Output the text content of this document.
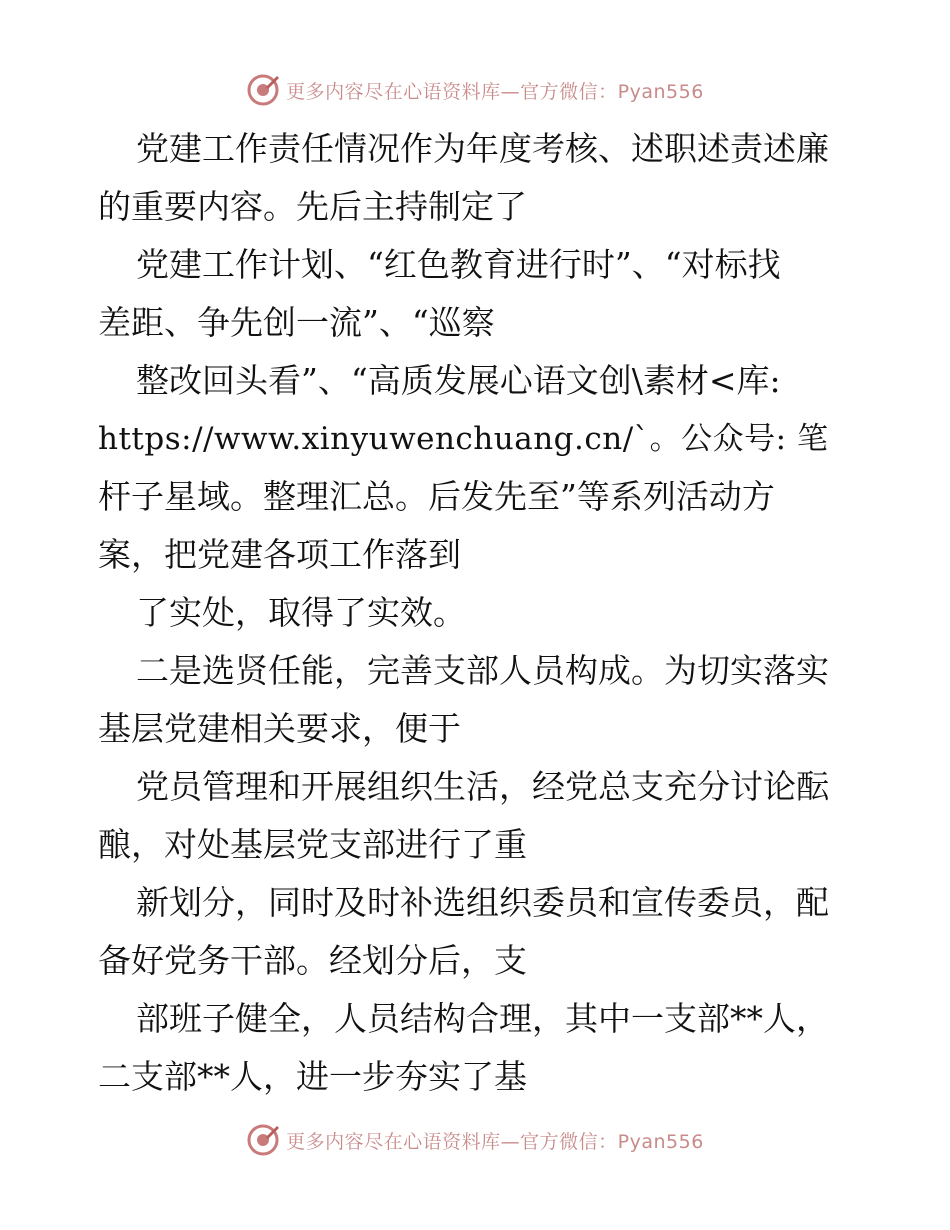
更多内容尽在心语资料库—官方微信：Pyan556
党建工作责任情况作为年度考核、述职述责述廉
的重要内容。先后主持制定了
党建工作计划、“红色教育进行时”、“对标找
差距、争先创一流”、“巡察
整改回头看”、“高质发展心语文创\素材<库:
https://www.xinyuwenchuang.cn/`。公众号: 笔
杆子星域。整理汇总。后发先至”等系列活动方
案，把党建各项工作落到
了实处，取得了实效。
二是选贤任能，完善支部人员构成。为切实落实
基层党建相关要求，便于
党员管理和开展组织生活，经党总支充分讨论酝
酿，对处基层党支部进行了重
新划分，同时及时补选组织委员和宣传委员，配
备好党务干部。经划分后，支
部班子健全，人员结构合理，其中一支部**人，
二支部**人，进一步夯实了基
更多内容尽在心语资料库—官方微信：Pyan556
